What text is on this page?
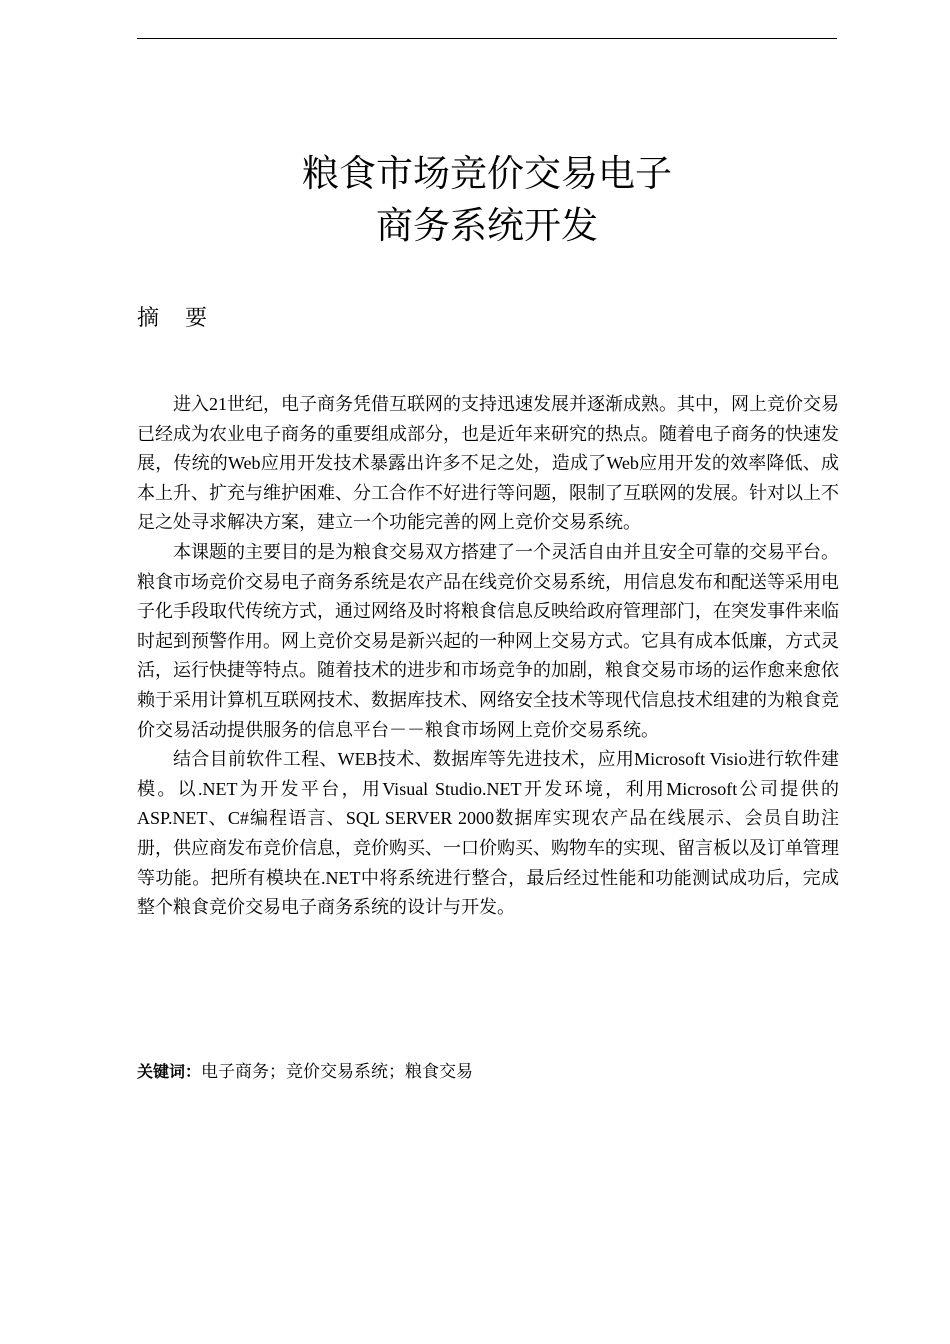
粮食市场竞价交易电子
商务系统开发
摘 要

进入21世纪，电子商务凭借互联网的支持迅速发展并逐渐成熟。其中，网上竞价交易已经成为农业电子商务的重要组成部分，也是近年来研究的热点。随着电子商务的快速发展，传统的Web应用开发技术暴露出许多不足之处，造成了Web应用开发的效率降低、成本上升、扩充与维护困难、分工合作不好进行等问题，限制了互联网的发展。针对以上不足之处寻求解决方案，建立一个功能完善的网上竞价交易系统。

本课题的主要目的是为粮食交易双方搭建了一个灵活自由并且安全可靠的交易平台。粮食市场竞价交易电子商务系统是农产品在线竞价交易系统，用信息发布和配送等采用电子化手段取代传统方式，通过网络及时将粮食信息反映给政府管理部门，在突发事件来临时起到预警作用。网上竞价交易是新兴起的一种网上交易方式。它具有成本低廉，方式灵活，运行快捷等特点。随着技术的进步和市场竞争的加剧，粮食交易市场的运作愈来愈依赖于采用计算机互联网技术、数据库技术、网络安全技术等现代信息技术组建的为粮食竞价交易活动提供服务的信息平台－－粮食市场网上竞价交易系统。

结合目前软件工程、WEB技术、数据库等先进技术，应用Microsoft Visio进行软件建模。以.NET为开发平台，用Visual Studio.NET开发环境，利用Microsoft公司提供的ASP.NET、C#编程语言、SQL SERVER 2000数据库实现农产品在线展示、会员自助注册，供应商发布竞价信息，竞价购买、一口价购买、购物车的实现、留言板以及订单管理等功能。把所有模块在.NET中将系统进行整合，最后经过性能和功能测试成功后，完成整个粮食竞价交易电子商务系统的设计与开发。

关键词：电子商务；竞价交易系统；粮食交易
